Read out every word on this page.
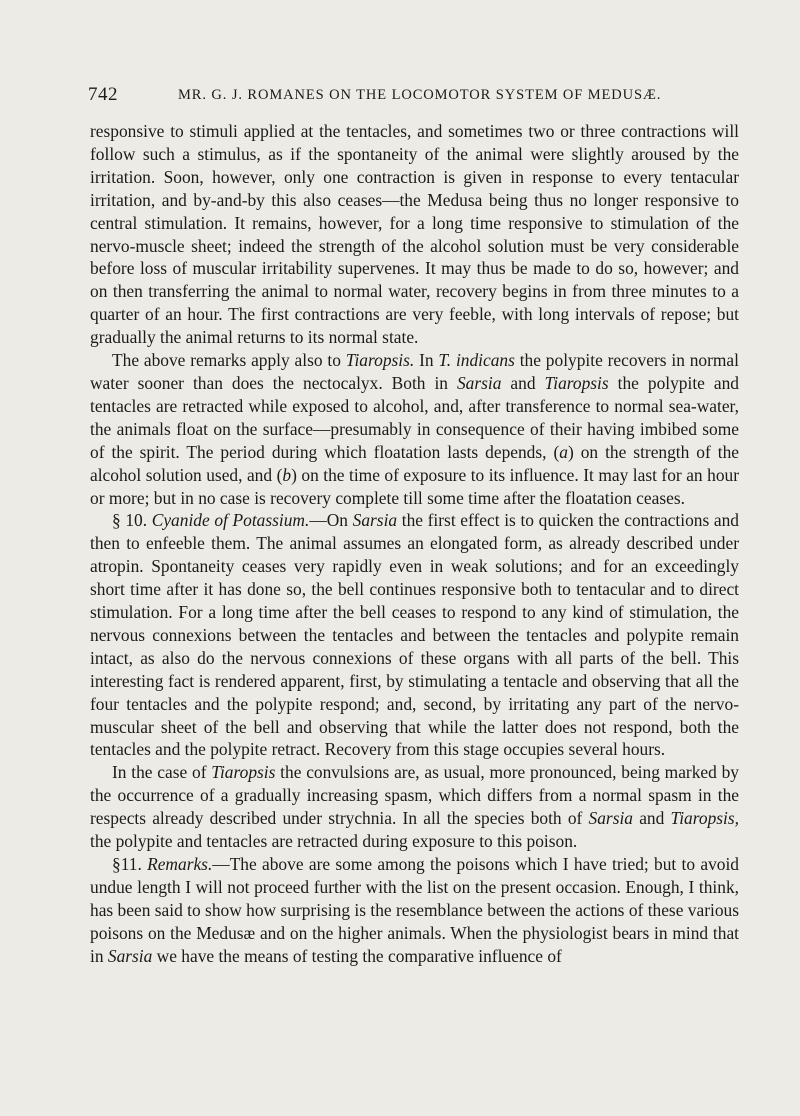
742	MR. G. J. ROMANES ON THE LOCOMOTOR SYSTEM OF MEDUSÆ.

responsive to stimuli applied at the tentacles, and sometimes two or three contractions will follow such a stimulus, as if the spontaneity of the animal were slightly aroused by the irritation. Soon, however, only one contraction is given in response to every tentacular irritation, and by-and-by this also ceases—the Medusa being thus no longer responsive to central stimulation. It remains, however, for a long time responsive to stimulation of the nervo-muscle sheet; indeed the strength of the alcohol solution must be very considerable before loss of muscular irritability supervenes. It may thus be made to do so, however; and on then transferring the animal to normal water, recovery begins in from three minutes to a quarter of an hour. The first contractions are very feeble, with long intervals of repose; but gradually the animal returns to its normal state.

The above remarks apply also to Tiaropsis. In T. indicans the polypite recovers in normal water sooner than does the nectocalyx. Both in Sarsia and Tiaropsis the polypite and tentacles are retracted while exposed to alcohol, and, after transference to normal sea-water, the animals float on the surface—presumably in consequence of their having imbibed some of the spirit. The period during which floatation lasts depends, (a) on the strength of the alcohol solution used, and (b) on the time of exposure to its influence. It may last for an hour or more; but in no case is recovery complete till some time after the floatation ceases.

§ 10. Cyanide of Potassium.—On Sarsia the first effect is to quicken the contractions and then to enfeeble them. The animal assumes an elongated form, as already described under atropin. Spontaneity ceases very rapidly even in weak solutions; and for an exceedingly short time after it has done so, the bell continues responsive both to tentacular and to direct stimulation. For a long time after the bell ceases to respond to any kind of stimulation, the nervous connexions between the tentacles and between the tentacles and polypite remain intact, as also do the nervous connexions of these organs with all parts of the bell. This interesting fact is rendered apparent, first, by stimulating a tentacle and observing that all the four tentacles and the polypite respond; and, second, by irritating any part of the nervo-muscular sheet of the bell and observing that while the latter does not respond, both the tentacles and the polypite retract. Recovery from this stage occupies several hours.

In the case of Tiaropsis the convulsions are, as usual, more pronounced, being marked by the occurrence of a gradually increasing spasm, which differs from a normal spasm in the respects already described under strychnia. In all the species both of Sarsia and Tiaropsis, the polypite and tentacles are retracted during exposure to this poison.

§11. Remarks.—The above are some among the poisons which I have tried; but to avoid undue length I will not proceed further with the list on the present occasion. Enough, I think, has been said to show how surprising is the resemblance between the actions of these various poisons on the Medusæ and on the higher animals. When the physiologist bears in mind that in Sarsia we have the means of testing the comparative influence of
